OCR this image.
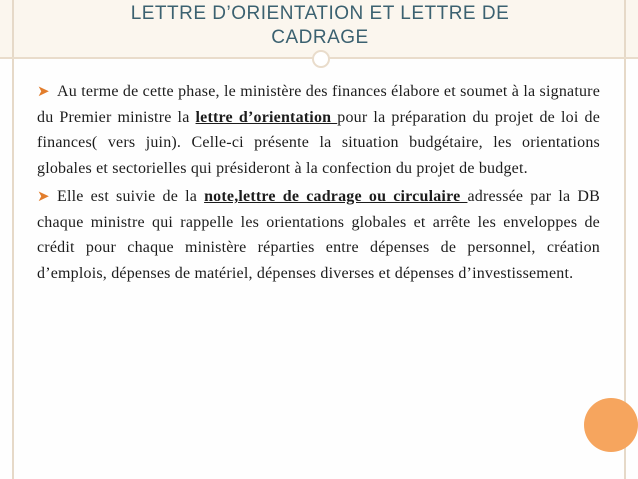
LETTRE D’ORIENTATION ET LETTRE DE
CADRAGE

➤ Au terme de cette phase, le ministère des finances élabore et soumet à la signature du Premier ministre la lettre d’orientation pour la préparation du projet de loi de finances( vers juin). Celle-ci présente la situation budgétaire, les orientations globales et sectorielles qui présideront à la confection du projet de budget.

➤ Elle est suivie de la note,lettre de cadrage ou circulaire adressée par la DB chaque ministre qui rappelle les orientations globales et arrête les enveloppes de crédit pour chaque ministère réparties entre dépenses de personnel, création d’emplois, dépenses de matériel, dépenses diverses et dépenses d’investissement.
